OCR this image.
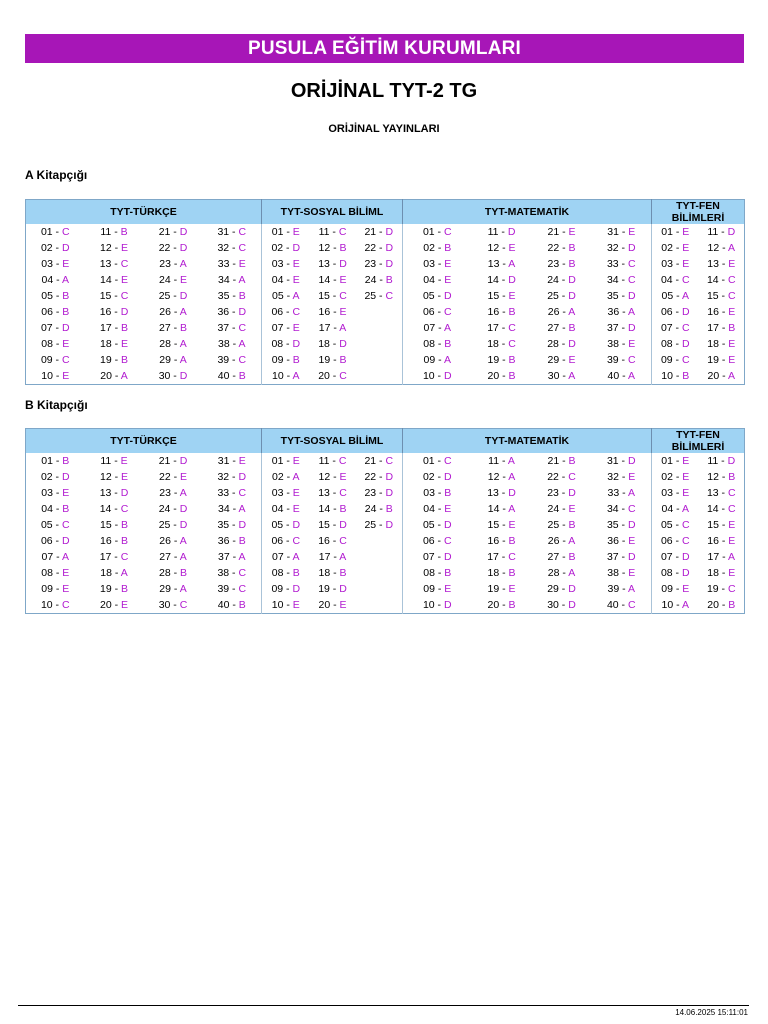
PUSULA EĞİTİM KURUMLARI
ORİJİNAL TYT-2 TG
ORİJİNAL YAYINLARI
A Kitapçığı
TYT-TÜRKÇE				TYT-SOSYAL BİLİML			TYT-MATEMATİK				TYT-FEN BİLİMLERİ	
01 - C	11 - B	21 - D	31 - C	01 - E	11 - C	21 - D	01 - C	11 - D	21 - E	31 - E	01 - E	11 - D
02 - D	12 - E	22 - D	32 - C	02 - D	12 - B	22 - D	02 - B	12 - E	22 - B	32 - D	02 - E	12 - A
03 - E	13 - C	23 - A	33 - E	03 - E	13 - D	23 - D	03 - E	13 - A	23 - B	33 - C	03 - E	13 - E
04 - A	14 - E	24 - E	34 - A	04 - E	14 - E	24 - B	04 - E	14 - D	24 - D	34 - C	04 - C	14 - C
05 - B	15 - C	25 - D	35 - B	05 - A	15 - C	25 - C	05 - D	15 - E	25 - D	35 - D	05 - A	15 - C
06 - B	16 - D	26 - A	36 - D	06 - C	16 - E		06 - C	16 - B	26 - A	36 - A	06 - D	16 - E
07 - D	17 - B	27 - B	37 - C	07 - E	17 - A		07 - A	17 - C	27 - B	37 - D	07 - C	17 - B
08 - E	18 - E	28 - A	38 - A	08 - D	18 - D		08 - B	18 - C	28 - D	38 - E	08 - D	18 - E
09 - C	19 - B	29 - A	39 - C	09 - B	19 - B		09 - A	19 - B	29 - E	39 - C	09 - C	19 - E
10 - E	20 - A	30 - D	40 - B	10 - A	20 - C		10 - D	20 - B	30 - A	40 - A	10 - B	20 - A
B Kitapçığı
TYT-TÜRKÇE				TYT-SOSYAL BİLİML			TYT-MATEMATİK				TYT-FEN BİLİMLERİ	
01 - B	11 - E	21 - D	31 - E	01 - E	11 - C	21 - C	01 - C	11 - A	21 - B	31 - D	01 - E	11 - D
02 - D	12 - E	22 - E	32 - D	02 - A	12 - E	22 - D	02 - D	12 - A	22 - C	32 - E	02 - E	12 - B
03 - E	13 - D	23 - A	33 - C	03 - E	13 - C	23 - D	03 - B	13 - D	23 - D	33 - A	03 - E	13 - C
04 - B	14 - C	24 - D	34 - A	04 - E	14 - B	24 - B	04 - E	14 - A	24 - E	34 - C	04 - A	14 - C
05 - C	15 - B	25 - D	35 - D	05 - D	15 - D	25 - D	05 - D	15 - E	25 - B	35 - D	05 - C	15 - E
06 - D	16 - B	26 - A	36 - B	06 - C	16 - C		06 - C	16 - B	26 - A	36 - E	06 - C	16 - E
07 - A	17 - C	27 - A	37 - A	07 - A	17 - A		07 - D	17 - C	27 - B	37 - D	07 - D	17 - A
08 - E	18 - A	28 - B	38 - C	08 - B	18 - B		08 - B	18 - B	28 - A	38 - E	08 - D	18 - E
09 - E	19 - B	29 - A	39 - C	09 - D	19 - D		09 - E	19 - E	29 - D	39 - A	09 - E	19 - C
10 - C	20 - E	30 - C	40 - B	10 - E	20 - E		10 - D	20 - B	30 - D	40 - C	10 - A	20 - B
14.06.2025 15:11:01
